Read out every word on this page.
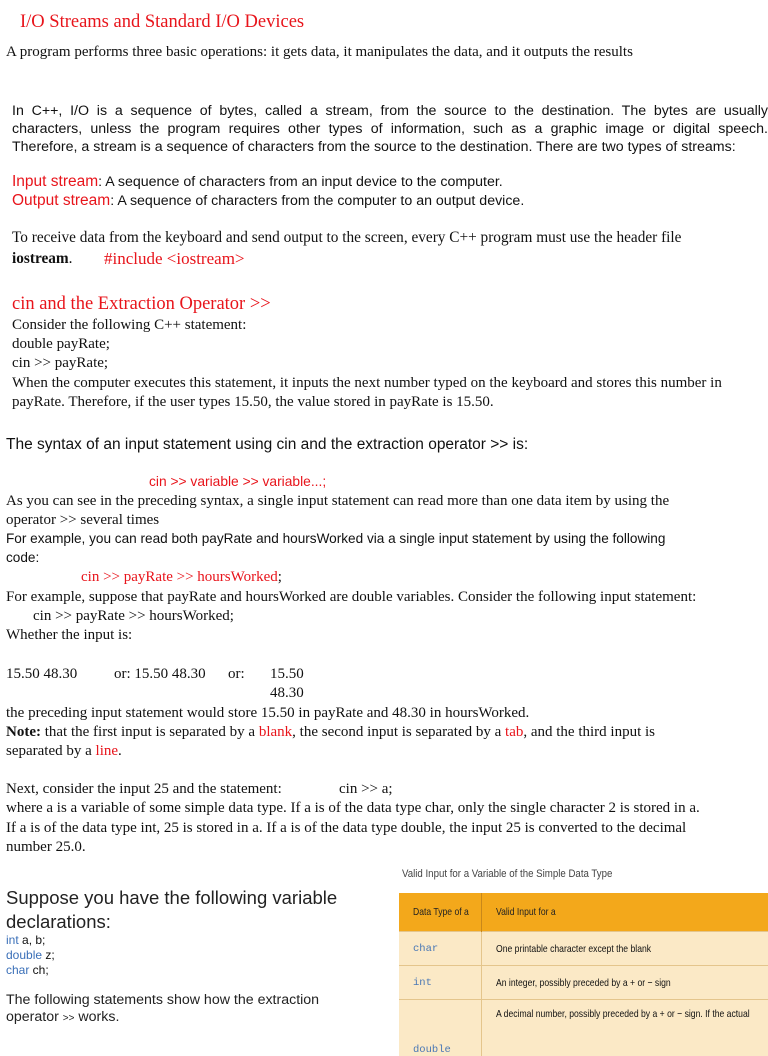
I/O Streams and Standard I/O Devices
A program performs three basic operations: it gets data, it manipulates the data, and it outputs the results
In C++, I/O is a sequence of bytes, called a stream, from the source to the destination. The bytes are usually
characters, unless the program requires other types of information, such as a graphic image or digital speech.
Therefore, a stream is a sequence of characters from the source to the destination. There are two types of streams:
Input stream: A sequence of characters from an input device to the computer.
Output stream: A sequence of characters from the computer to an output device.
To receive data from the keyboard and send output to the screen, every C++ program must use the header file
iostream. #include <iostream>
cin and the Extraction Operator >>
Consider the following C++ statement:
double payRate;
cin >> payRate;
When the computer executes this statement, it inputs the next number typed on the keyboard and stores this number in
payRate. Therefore, if the user types 15.50, the value stored in payRate is 15.50.
The syntax of an input statement using cin and the extraction operator >> is:
cin >> variable >> variable...;
As you can see in the preceding syntax, a single input statement can read more than one data item by using the
operator >> several times
For example, you can read both payRate and hoursWorked via a single input statement by using the following
code:
cin >> payRate >> hoursWorked;
For example, suppose that payRate and hoursWorked are double variables. Consider the following input statement:
cin >> payRate >> hoursWorked;
Whether the input is:
15.50 48.30 or: 15.50 48.30 or: 15.50
48.30
the preceding input statement would store 15.50 in payRate and 48.30 in hoursWorked.
Note: that the first input is separated by a blank, the second input is separated by a tab, and the third input is
separated by a line.
Next, consider the input 25 and the statement:	cin >> a;
where a is a variable of some simple data type. If a is of the data type char, only the single character 2 is stored in a.
If a is of the data type int, 25 is stored in a. If a is of the data type double, the input 25 is converted to the decimal
number 25.0.
Suppose you have the following variable
declarations:
int a, b;
double z;
char ch;
The following statements show how the extraction
operator >> works.
Valid Input for a Variable of the Simple Data Type
Data Type of a	Valid Input for a
char	One printable character except the blank
int	An integer, possibly preceded by a + or − sign
double	A decimal number, possibly preceded by a + or − sign. If the actual
